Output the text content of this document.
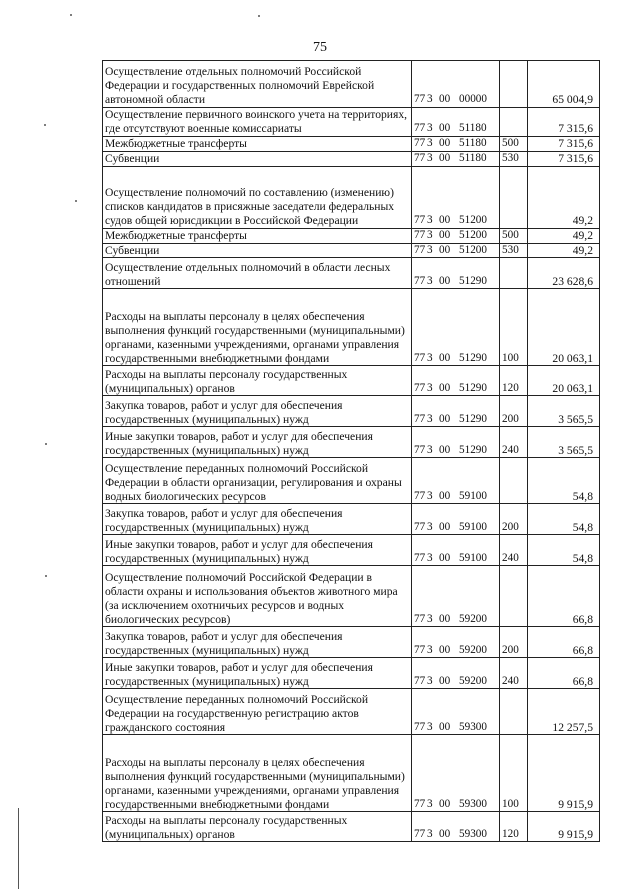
75
Осуществление отдельных полномочий Российской Федерации и государственных полномочий Еврейской автономной области	77 3 00 00000		65 004,9
Осуществление первичного воинского учета на территориях, где отсутствуют военные комиссариаты	77 3 00 51180		7 315,6
Межбюджетные трансферты	77 3 00 51180	500	7 315,6
Субвенции	77 3 00 51180	530	7 315,6
Осуществление полномочий по составлению (изменению) списков кандидатов в присяжные заседатели федеральных судов общей юрисдикции в Российской Федерации	77 3 00 51200		49,2
Межбюджетные трансферты	77 3 00 51200	500	49,2
Субвенции	77 3 00 51200	530	49,2
Осуществление отдельных полномочий в области лесных отношений	77 3 00 51290		23 628,6
Расходы на выплаты персоналу в целях обеспечения выполнения функций государственными (муниципальными) органами, казенными учреждениями, органами управления государственными внебюджетными фондами	77 3 00 51290	100	20 063,1
Расходы на выплаты персоналу государственных (муниципальных) органов	77 3 00 51290	120	20 063,1
Закупка товаров, работ и услуг для обеспечения государственных (муниципальных) нужд	77 3 00 51290	200	3 565,5
Иные закупки товаров, работ и услуг для обеспечения государственных (муниципальных) нужд	77 3 00 51290	240	3 565,5
Осуществление переданных полномочий Российской Федерации в области организации, регулирования и охраны водных биологических ресурсов	77 3 00 59100		54,8
Закупка товаров, работ и услуг для обеспечения государственных (муниципальных) нужд	77 3 00 59100	200	54,8
Иные закупки товаров, работ и услуг для обеспечения государственных (муниципальных) нужд	77 3 00 59100	240	54,8
Осуществление полномочий Российской Федерации в области охраны и использования объектов животного мира (за исключением охотничьих ресурсов и водных биологических ресурсов)	77 3 00 59200		66,8
Закупка товаров, работ и услуг для обеспечения государственных (муниципальных) нужд	77 3 00 59200	200	66,8
Иные закупки товаров, работ и услуг для обеспечения государственных (муниципальных) нужд	77 3 00 59200	240	66,8
Осуществление переданных полномочий Российской Федерации на государственную регистрацию актов гражданского состояния	77 3 00 59300		12 257,5
Расходы на выплаты персоналу в целях обеспечения выполнения функций государственными (муниципальными) органами, казенными учреждениями, органами управления государственными внебюджетными фондами	77 3 00 59300	100	9 915,9
Расходы на выплаты персоналу государственных (муниципальных) органов	77 3 00 59300	120	9 915,9
